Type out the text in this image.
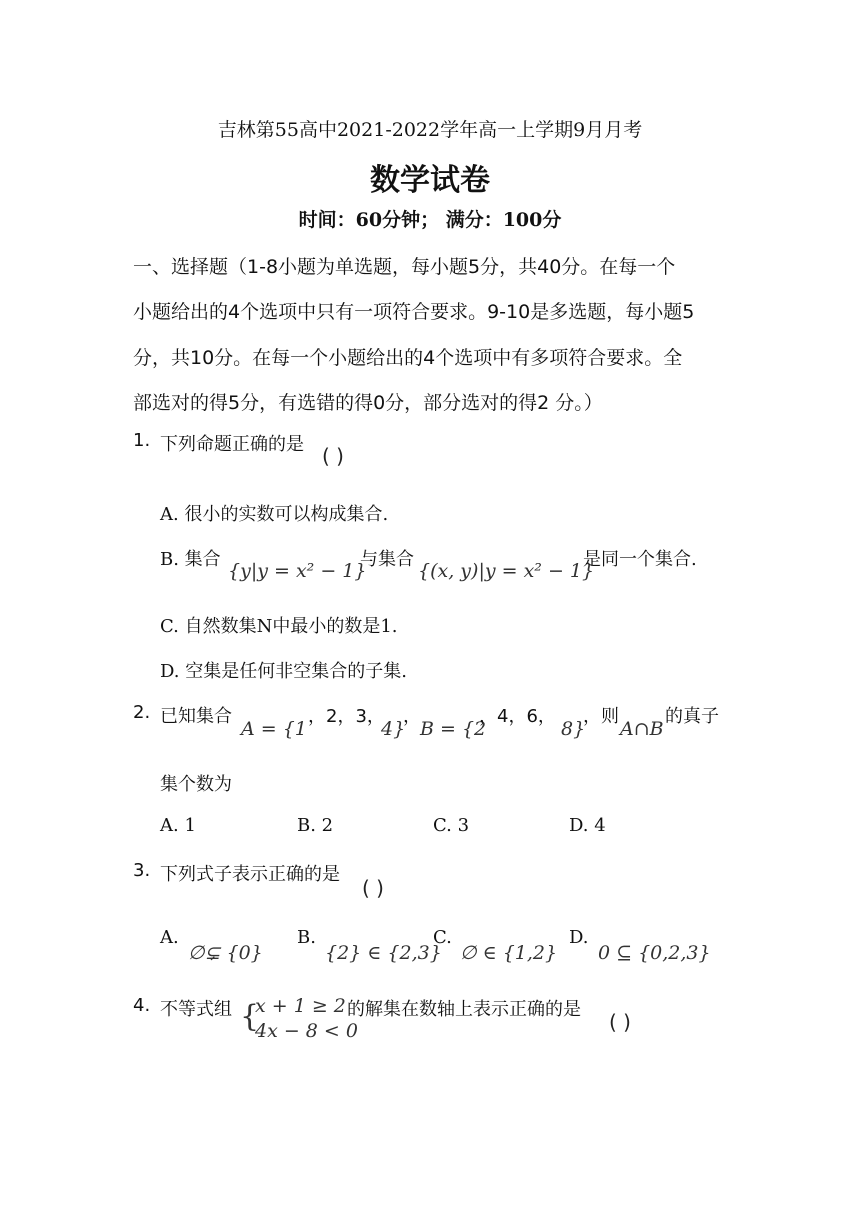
吉林第55高中2021-2022学年高一上学期9月月考
数学试卷
时间：60分钟； 满分：100分
一、选择题（1-8小题为单选题，每小题5分，共40分。在每一个
小题给出的4个选项中只有一项符合要求。9-10是多选题，每小题5
分，共10分。在每一个小题给出的4个选项中有多项符合要求。全
部选对的得5分，有选错的得0分，部分选对的得2 分。）
1. 下列命题正确的是 ( )
A. 很小的实数可以构成集合.
B. 集合
{y|y = x² − 1}
与集合
{(x, y)|y = x² − 1}
是同一个集合.
C. 自然数集N中最小的数是1.
D. 空集是任何非空集合的子集.
2. 已知集合
A = {1
，2，3，
4}
，
B = {2
，4，6，
8}
，则
A∩B
的真子
集个数为
A. 1	B. 2	C. 3	D. 4
3. 下列式子表示正确的是
( )
A.
∅⊊ {0}
B.
{2} ∈ {2,3}
C.
∅ ∈ {1,2}
D.
0 ⊆ {0,2,3}
4. 不等式组 {
x + 1 ≥ 2
4x − 8 < 0
的解集在数轴上表示正确的是
( )
